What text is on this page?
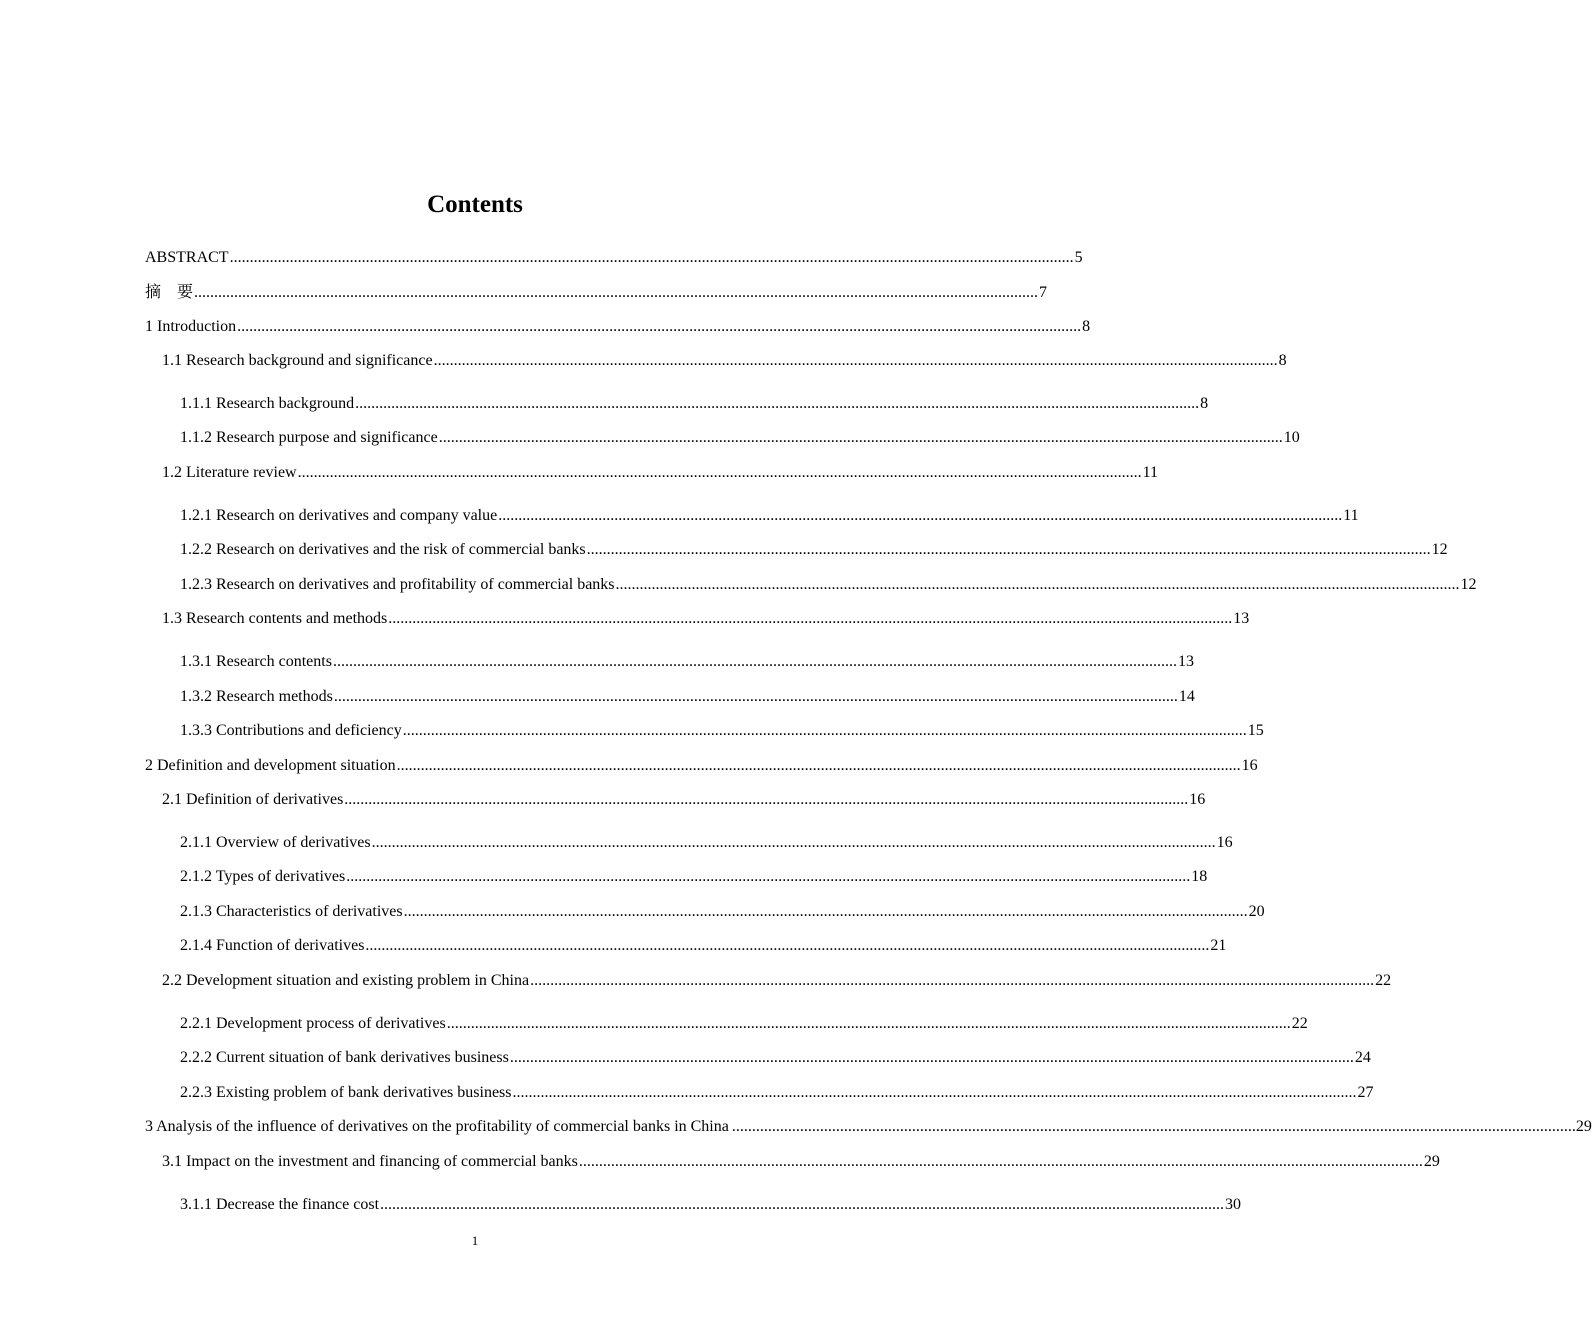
Contents
ABSTRACT ................................................................................................................................................................................................................... 5
摘　要 ................................................................................................................................................................................................................... 7
1 Introduction ................................................................................................................................................................................................................... 8
1.1 Research background and significance ................................................................................................................................................................................................................... 8
1.1.1 Research background ................................................................................................................................................................................................................... 8
1.1.2 Research purpose and significance ................................................................................................................................................................................................................... 10
1.2 Literature review ................................................................................................................................................................................................................... 11
1.2.1 Research on derivatives and company value ................................................................................................................................................................................................................... 11
1.2.2 Research on derivatives and the risk of commercial banks ................................................................................................................................................................................................................... 12
1.2.3 Research on derivatives and profitability of commercial banks ................................................................................................................................................................................................................... 12
1.3 Research contents and methods ................................................................................................................................................................................................................... 13
1.3.1 Research contents ................................................................................................................................................................................................................... 13
1.3.2 Research methods ................................................................................................................................................................................................................... 14
1.3.3 Contributions and deficiency ................................................................................................................................................................................................................... 15
2 Definition and development situation ................................................................................................................................................................................................................... 16
2.1 Definition of derivatives ................................................................................................................................................................................................................... 16
2.1.1 Overview of derivatives ................................................................................................................................................................................................................... 16
2.1.2 Types of derivatives ................................................................................................................................................................................................................... 18
2.1.3 Characteristics of derivatives ................................................................................................................................................................................................................... 20
2.1.4 Function of derivatives ................................................................................................................................................................................................................... 21
2.2 Development situation and existing problem in China ................................................................................................................................................................................................................... 22
2.2.1 Development process of derivatives ................................................................................................................................................................................................................... 22
2.2.2 Current situation of bank derivatives business ................................................................................................................................................................................................................... 24
2.2.3 Existing problem of bank derivatives business ................................................................................................................................................................................................................... 27
3 Analysis of the influence of derivatives on the profitability of commercial banks in China ................................................................................................................................................................................................................... 29
3.1 Impact on the investment and financing of commercial banks ................................................................................................................................................................................................................... 29
3.1.1 Decrease the finance cost ................................................................................................................................................................................................................... 30
1
